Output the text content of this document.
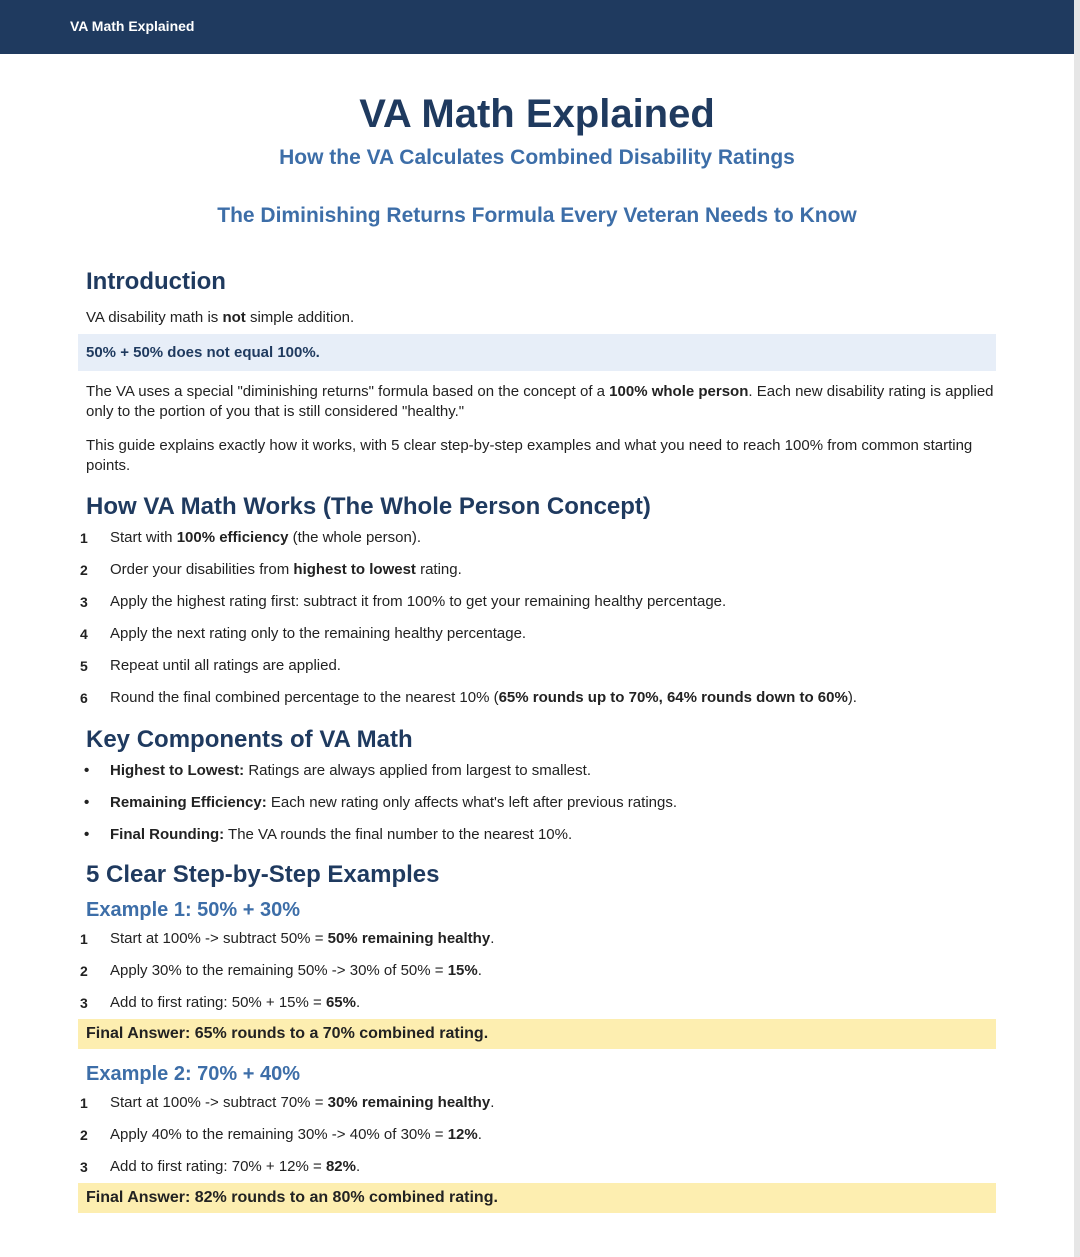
VA Math Explained
VA Math Explained
How the VA Calculates Combined Disability Ratings
The Diminishing Returns Formula Every Veteran Needs to Know
Introduction

VA disability math is not simple addition.

50% + 50% does not equal 100%.

The VA uses a special "diminishing returns" formula based on the concept of a 100% whole person. Each new disability rating is applied only to the portion of you that is still considered "healthy."

This guide explains exactly how it works, with 5 clear step-by-step examples and what you need to reach 100% from common starting points.

How VA Math Works (The Whole Person Concept)
1 Start with 100% efficiency (the whole person).
2 Order your disabilities from highest to lowest rating.
3 Apply the highest rating first: subtract it from 100% to get your remaining healthy percentage.
4 Apply the next rating only to the remaining healthy percentage.
5 Repeat until all ratings are applied.
6 Round the final combined percentage to the nearest 10% (65% rounds up to 70%, 64% rounds down to 60%).
Key Components of VA Math
• Highest to Lowest: Ratings are always applied from largest to smallest.
• Remaining Efficiency: Each new rating only affects what's left after previous ratings.
• Final Rounding: The VA rounds the final number to the nearest 10%.
5 Clear Step-by-Step Examples
Example 1: 50% + 30%
1 Start at 100% -> subtract 50% = 50% remaining healthy.
2 Apply 30% to the remaining 50% -> 30% of 50% = 15%.
3 Add to first rating: 50% + 15% = 65%.
Final Answer: 65% rounds to a 70% combined rating.
Example 2: 70% + 40%
1 Start at 100% -> subtract 70% = 30% remaining healthy.
2 Apply 40% to the remaining 30% -> 40% of 30% = 12%.
3 Add to first rating: 70% + 12% = 82%.
Final Answer: 82% rounds to an 80% combined rating.
